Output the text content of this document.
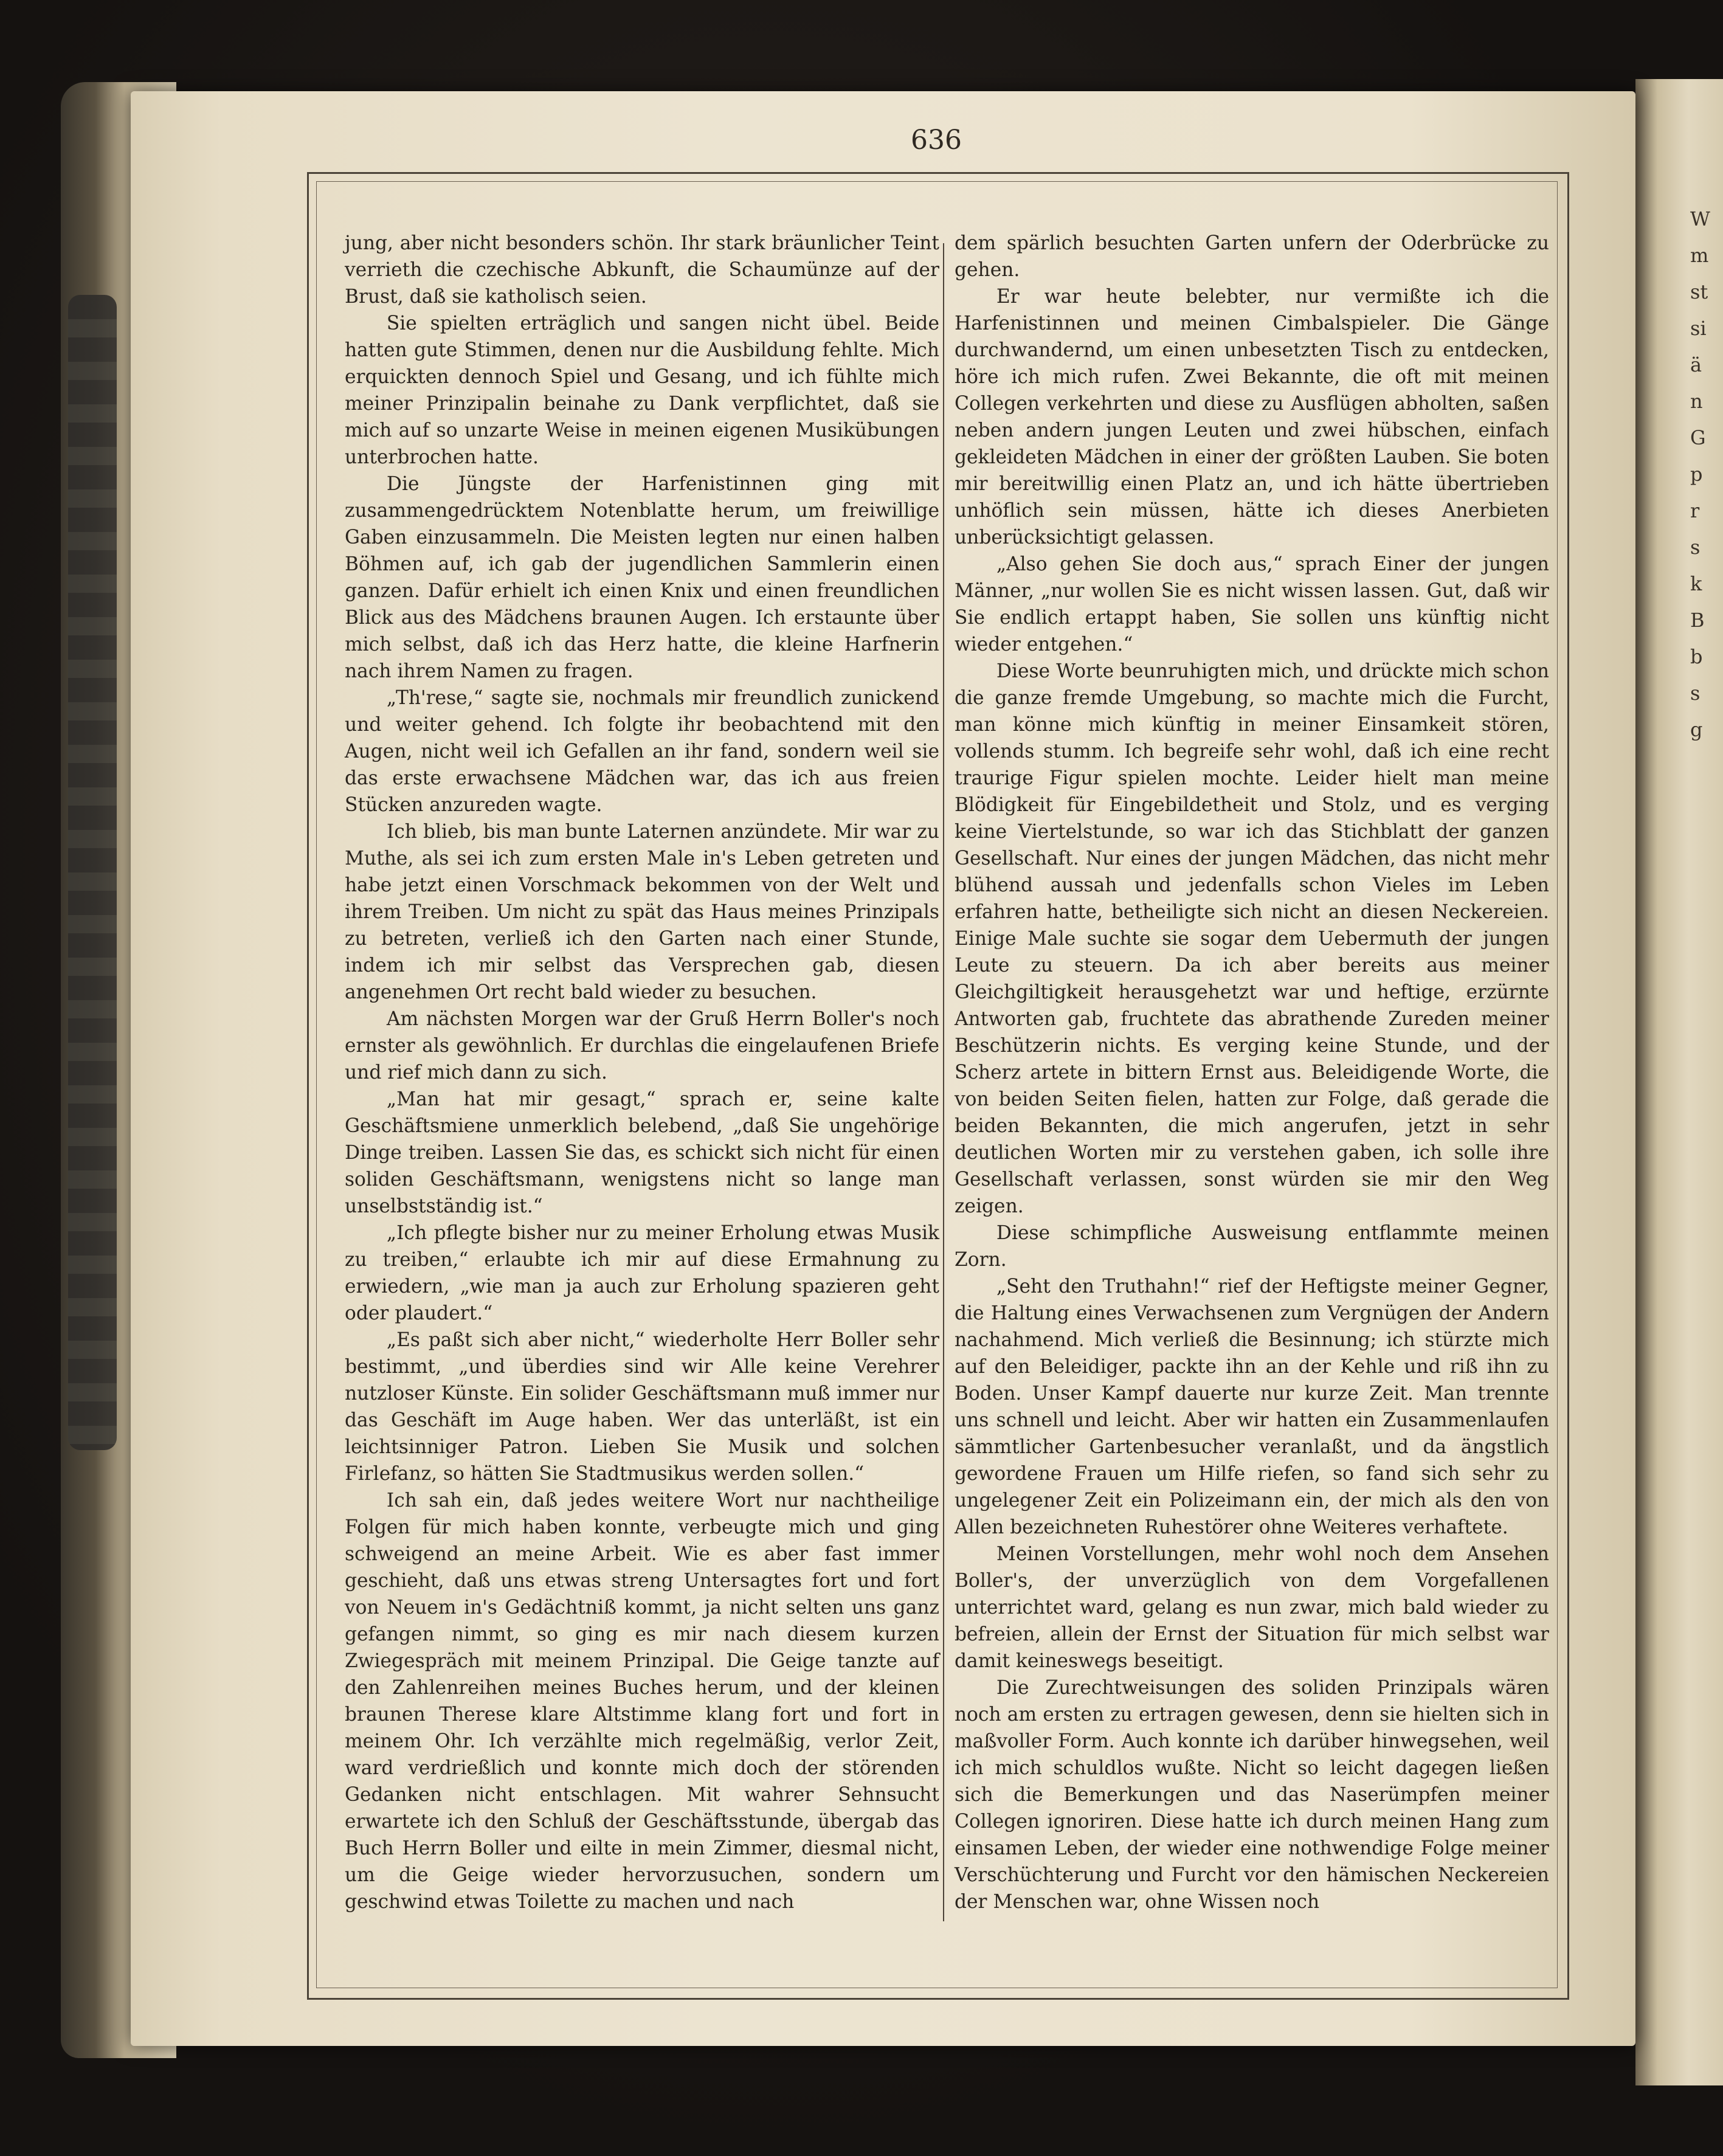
W
m
st
si
ä
n
G
p
r
s
k
B
b
s
g
636

jung, aber nicht besonders schön. Ihr stark bräunlicher Teint verrieth die czechische Abkunft, die Schaumünze auf der Brust, daß sie katholisch seien.

Sie spielten erträglich und sangen nicht übel. Beide hatten gute Stimmen, denen nur die Ausbildung fehlte. Mich erquickten dennoch Spiel und Gesang, und ich fühlte mich meiner Prinzipalin beinahe zu Dank verpflichtet, daß sie mich auf so unzarte Weise in meinen eigenen Musikübungen unterbrochen hatte.

Die Jüngste der Harfenistinnen ging mit zusammengedrücktem Notenblatte herum, um freiwillige Gaben einzusammeln. Die Meisten legten nur einen halben Böhmen auf, ich gab der jugendlichen Sammlerin einen ganzen. Dafür erhielt ich einen Knix und einen freundlichen Blick aus des Mädchens braunen Augen. Ich erstaunte über mich selbst, daß ich das Herz hatte, die kleine Harfnerin nach ihrem Namen zu fragen.

„Th'rese,“ sagte sie, nochmals mir freundlich zunickend und weiter gehend. Ich folgte ihr beobachtend mit den Augen, nicht weil ich Gefallen an ihr fand, sondern weil sie das erste erwachsene Mädchen war, das ich aus freien Stücken anzureden wagte.

Ich blieb, bis man bunte Laternen anzündete. Mir war zu Muthe, als sei ich zum ersten Male in's Leben getreten und habe jetzt einen Vorschmack bekommen von der Welt und ihrem Treiben. Um nicht zu spät das Haus meines Prinzipals zu betreten, verließ ich den Garten nach einer Stunde, indem ich mir selbst das Versprechen gab, diesen angenehmen Ort recht bald wieder zu besuchen.

Am nächsten Morgen war der Gruß Herrn Boller's noch ernster als gewöhnlich. Er durchlas die eingelaufenen Briefe und rief mich dann zu sich.

„Man hat mir gesagt,“ sprach er, seine kalte Geschäftsmiene unmerklich belebend, „daß Sie ungehörige Dinge treiben. Lassen Sie das, es schickt sich nicht für einen soliden Geschäftsmann, wenigstens nicht so lange man unselbstständig ist.“

„Ich pflegte bisher nur zu meiner Erholung etwas Musik zu treiben,“ erlaubte ich mir auf diese Ermahnung zu erwiedern, „wie man ja auch zur Erholung spazieren geht oder plaudert.“

„Es paßt sich aber nicht,“ wiederholte Herr Boller sehr bestimmt, „und überdies sind wir Alle keine Verehrer nutzloser Künste. Ein solider Geschäftsmann muß immer nur das Geschäft im Auge haben. Wer das unterläßt, ist ein leichtsinniger Patron. Lieben Sie Musik und solchen Firlefanz, so hätten Sie Stadtmusikus werden sollen.“

Ich sah ein, daß jedes weitere Wort nur nachtheilige Folgen für mich haben konnte, verbeugte mich und ging schweigend an meine Arbeit. Wie es aber fast immer geschieht, daß uns etwas streng Untersagtes fort und fort von Neuem in's Gedächtniß kommt, ja nicht selten uns ganz gefangen nimmt, so ging es mir nach diesem kurzen Zwiegespräch mit meinem Prinzipal. Die Geige tanzte auf den Zahlenreihen meines Buches herum, und der kleinen braunen Therese klare Altstimme klang fort und fort in meinem Ohr. Ich verzählte mich regelmäßig, verlor Zeit, ward verdrießlich und konnte mich doch der störenden Gedanken nicht entschlagen. Mit wahrer Sehnsucht erwartete ich den Schluß der Geschäftsstunde, übergab das Buch Herrn Boller und eilte in mein Zimmer, diesmal nicht, um die Geige wieder hervorzusuchen, sondern um geschwind etwas Toilette zu machen und nach

dem spärlich besuchten Garten unfern der Oderbrücke zu gehen.

Er war heute belebter, nur vermißte ich die Harfenistinnen und meinen Cimbalspieler. Die Gänge durchwandernd, um einen unbesetzten Tisch zu entdecken, höre ich mich rufen. Zwei Bekannte, die oft mit meinen Collegen verkehrten und diese zu Ausflügen abholten, saßen neben andern jungen Leuten und zwei hübschen, einfach gekleideten Mädchen in einer der größten Lauben. Sie boten mir bereitwillig einen Platz an, und ich hätte übertrieben unhöflich sein müssen, hätte ich dieses Anerbieten unberücksichtigt gelassen.

„Also gehen Sie doch aus,“ sprach Einer der jungen Männer, „nur wollen Sie es nicht wissen lassen. Gut, daß wir Sie endlich ertappt haben, Sie sollen uns künftig nicht wieder entgehen.“

Diese Worte beunruhigten mich, und drückte mich schon die ganze fremde Umgebung, so machte mich die Furcht, man könne mich künftig in meiner Einsamkeit stören, vollends stumm. Ich begreife sehr wohl, daß ich eine recht traurige Figur spielen mochte. Leider hielt man meine Blödigkeit für Eingebildetheit und Stolz, und es verging keine Viertelstunde, so war ich das Stichblatt der ganzen Gesellschaft. Nur eines der jungen Mädchen, das nicht mehr blühend aussah und jedenfalls schon Vieles im Leben erfahren hatte, betheiligte sich nicht an diesen Neckereien. Einige Male suchte sie sogar dem Uebermuth der jungen Leute zu steuern. Da ich aber bereits aus meiner Gleichgiltigkeit herausgehetzt war und heftige, erzürnte Antworten gab, fruchtete das abrathende Zureden meiner Beschützerin nichts. Es verging keine Stunde, und der Scherz artete in bittern Ernst aus. Beleidigende Worte, die von beiden Seiten fielen, hatten zur Folge, daß gerade die beiden Bekannten, die mich angerufen, jetzt in sehr deutlichen Worten mir zu verstehen gaben, ich solle ihre Gesellschaft verlassen, sonst würden sie mir den Weg zeigen.

Diese schimpfliche Ausweisung entflammte meinen Zorn.

„Seht den Truthahn!“ rief der Heftigste meiner Gegner, die Haltung eines Verwachsenen zum Vergnügen der Andern nachahmend. Mich verließ die Besinnung; ich stürzte mich auf den Beleidiger, packte ihn an der Kehle und riß ihn zu Boden. Unser Kampf dauerte nur kurze Zeit. Man trennte uns schnell und leicht. Aber wir hatten ein Zusammenlaufen sämmtlicher Gartenbesucher veranlaßt, und da ängstlich gewordene Frauen um Hilfe riefen, so fand sich sehr zu ungelegener Zeit ein Polizeimann ein, der mich als den von Allen bezeichneten Ruhestörer ohne Weiteres verhaftete.

Meinen Vorstellungen, mehr wohl noch dem Ansehen Boller's, der unverzüglich von dem Vorgefallenen unterrichtet ward, gelang es nun zwar, mich bald wieder zu befreien, allein der Ernst der Situation für mich selbst war damit keineswegs beseitigt.

Die Zurechtweisungen des soliden Prinzipals wären noch am ersten zu ertragen gewesen, denn sie hielten sich in maßvoller Form. Auch konnte ich darüber hinwegsehen, weil ich mich schuldlos wußte. Nicht so leicht dagegen ließen sich die Bemerkungen und das Naserümpfen meiner Collegen ignoriren. Diese hatte ich durch meinen Hang zum einsamen Leben, der wieder eine nothwendige Folge meiner Verschüchterung und Furcht vor den hämischen Neckereien der Menschen war, ohne Wissen noch
